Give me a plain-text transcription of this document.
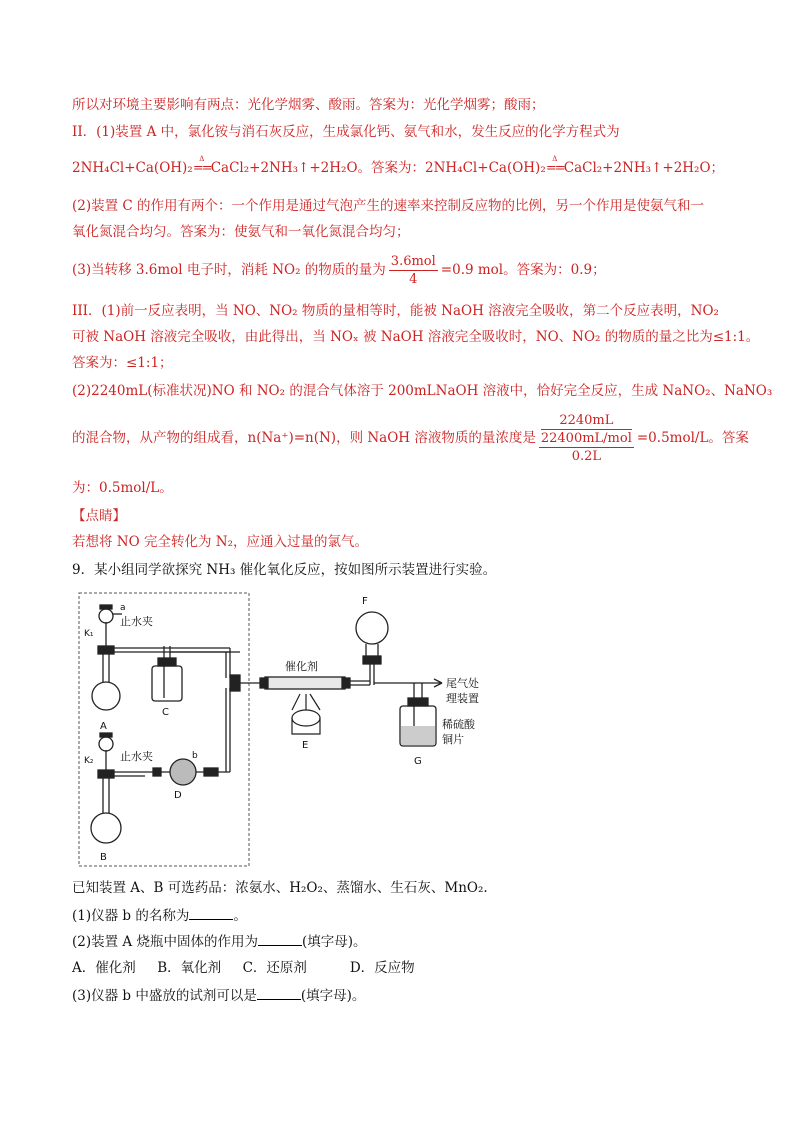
所以对环境主要影响有两点：光化学烟雾、酸雨。答案为：光化学烟雾；酸雨；
II．(1)装置 A 中，氯化铵与消石灰反应，生成氯化钙、氨气和水，发生反应的化学方程式为
2NH₄Cl+Ca(OH)₂
Δ
== CaCl₂+2NH₃↑+2H₂O。答案为：2NH₄Cl+Ca(OH)₂
Δ
== CaCl₂+2NH₃↑+2H₂O；
(2)装置 C 的作用有两个：一个作用是通过气泡产生的速率来控制反应物的比例，另一个作用是使氨气和一
氧化氮混合均匀。答案为：使氨气和一氧化氮混合均匀；
(3)当转移 3.6mol 电子时，消耗 NO₂ 的物质的量为 $\frac{\text{3.6mol}}{4} =0.9$ mol。答案为：0.9；
III．(1)前一反应表明，当 NO、NO₂ 物质的量相等时，能被 NaOH 溶液完全吸收，第二个反应表明，NO₂
可被 NaOH 溶液完全吸收，由此得出，当 NOₓ 被 NaOH 溶液完全吸收时，NO、NO₂ 的物质的量之比为≤1:1。
答案为：≤1:1；
(2)2240mL(标准状况)NO 和 NO₂ 的混合气体溶于 200mLNaOH 溶液中，恰好完全反应，生成 NaNO₂、NaNO₃
的混合物，从产物的组成看，n(Na⁺)=n(N)，则 NaOH 溶液物质的量浓度是 2240mL
22400mL/mol
0.2L =0.5mol/L。答案
为：0.5mol/L。
【点睛】
若想将 NO 完全转化为 N₂，应通入过量的氯气。
9．某小组同学欲探究 NH₃ 催化氧化反应，按如图所示装置进行实验。
a
K₁
止水夹
A
C
K₂ 止水夹	b
D
B
催化剂
E
F
尾气处
理装置
稀硫酸
铜片
G
已知装置 A、B 可选药品：浓氨水、H₂O₂、蒸馏水、生石灰、MnO₂.
(1)仪器 b 的名称为	。
(2)装置 A 烧瓶中固体的作用为	(填字母)。
A．催化剂     B．氧化剂     C．还原剂          D．反应物
(3)仪器 b 中盛放的试剂可以是	(填字母)。
